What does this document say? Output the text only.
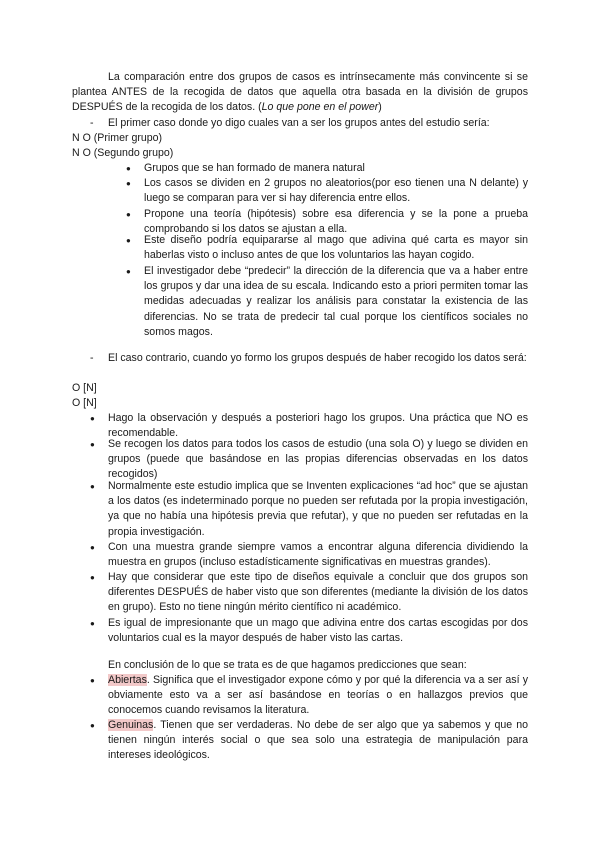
La comparación entre dos grupos de casos es intrínsecamente más convincente si se plantea ANTES de la recogida de datos que aquella otra basada en la división de grupos DESPUÉS de la recogida de los datos. (Lo que pone en el power)

- El primer caso donde yo digo cuales van a ser los grupos antes del estudio sería:

N O (Primer grupo)

N O (Segundo grupo)

● Grupos que se han formado de manera natural

● Los casos se dividen en 2 grupos no aleatorios(por eso tienen una N delante) y luego se comparan para ver si hay diferencia entre ellos.

● Propone una teoría (hipótesis) sobre esa diferencia y se la pone a prueba comprobando si los datos se ajustan a ella.

● Este diseño podría equipararse al mago que adivina qué carta es mayor sin haberlas visto o incluso antes de que los voluntarios las hayan cogido.

● El investigador debe “predecir” la dirección de la diferencia que va a haber entre los grupos y dar una idea de su escala. Indicando esto a priori permiten tomar las medidas adecuadas y realizar los análisis para constatar la existencia de las diferencias. No se trata de predecir tal cual porque los científicos sociales no somos magos.

- El caso contrario, cuando yo formo los grupos después de haber recogido los datos será:

O [N]

O [N]

● Hago la observación y después a posteriori hago los grupos. Una práctica que NO es recomendable.

● Se recogen los datos para todos los casos de estudio (una sola O) y luego se dividen en grupos (puede que basándose en las propias diferencias observadas en los datos recogidos)

● Normalmente este estudio implica que se Inventen explicaciones “ad hoc” que se ajustan a los datos (es indeterminado porque no pueden ser refutada por la propia investigación, ya que no había una hipótesis previa que refutar), y que no pueden ser refutadas en la propia investigación.

● Con una muestra grande siempre vamos a encontrar alguna diferencia dividiendo la muestra en grupos (incluso estadísticamente significativas en muestras grandes).

● Hay que considerar que este tipo de diseños equivale a concluir que dos grupos son diferentes DESPUÉS de haber visto que son diferentes (mediante la división de los datos en grupo). Esto no tiene ningún mérito científico ni académico.

● Es igual de impresionante que un mago que adivina entre dos cartas escogidas por dos voluntarios cual es la mayor después de haber visto las cartas.

En conclusión de lo que se trata es de que hagamos predicciones que sean:

● Abiertas. Significa que el investigador expone cómo y por qué la diferencia va a ser así y obviamente esto va a ser así basándose en teorías o en hallazgos previos que conocemos cuando revisamos la literatura.

● Genuinas. Tienen que ser verdaderas. No debe de ser algo que ya sabemos y que no tienen ningún interés social o que sea solo una estrategia de manipulación para intereses ideológicos.
